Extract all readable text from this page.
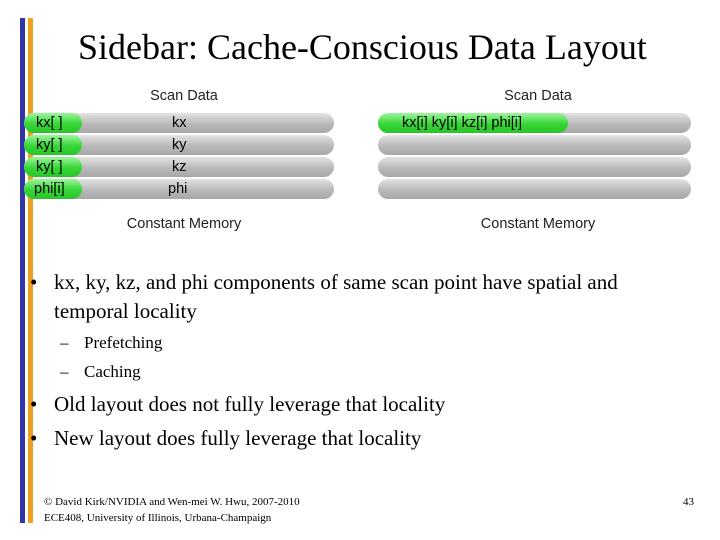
Sidebar: Cache-Conscious Data Layout
Scan Data
kx[ ]	kx
ky[ ]	ky
ky[ ]	kz
phi[i]	phi
Constant Memory
Scan Data
kx[i] ky[i] kz[i] phi[i]
Constant Memory
• kx, ky, kz, and phi components of same scan point have spatial and temporal locality
– Prefetching
– Caching
• Old layout does not fully leverage that locality
• New layout does fully leverage that locality
© David Kirk/NVIDIA and Wen-mei W. Hwu, 2007-2010
ECE408, University of Illinois, Urbana-Champaign
43
